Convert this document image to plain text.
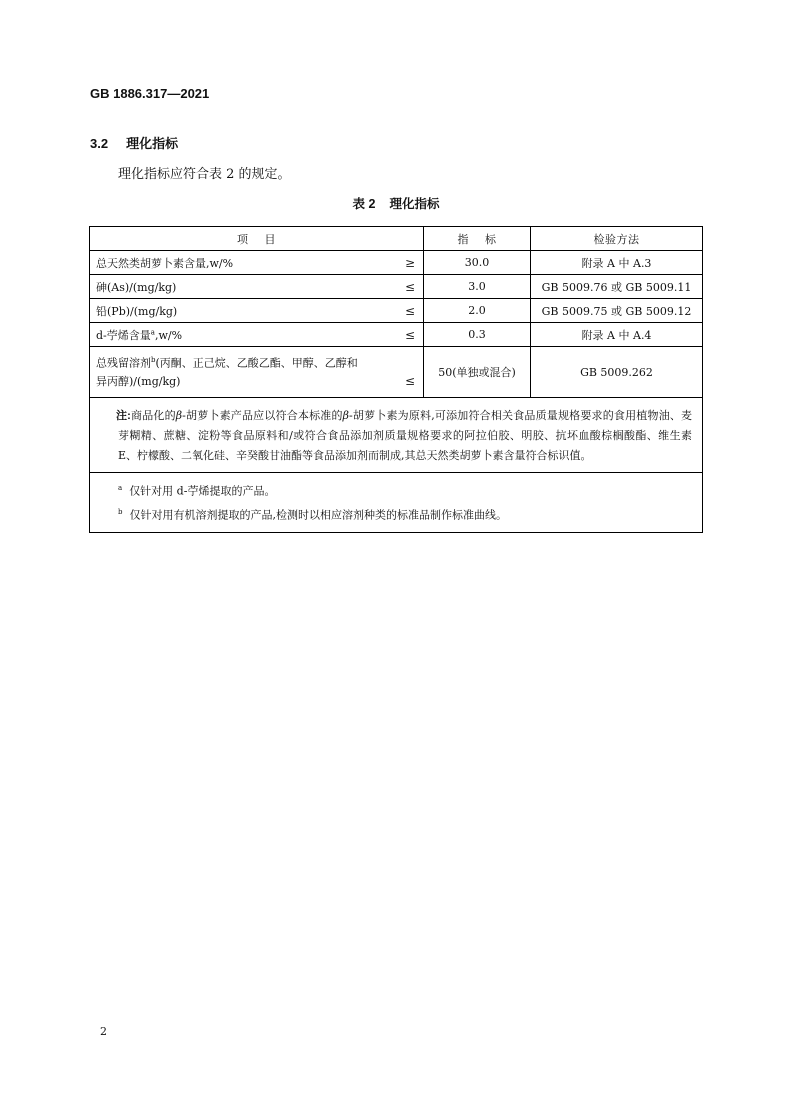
GB 1886.317—2021
3.2 理化指标
理化指标应符合表 2 的规定。
表 2 理化指标
项    目	指    标	检验方法

总天然类胡萝卜素含量,w/% ≥	30.0	附录 A 中 A.3

砷(As)/(mg/kg) ≤	3.0	GB 5009.76 或 GB 5009.11

铅(Pb)/(mg/kg) ≤	2.0	GB 5009.75 或 GB 5009.12

d-苧烯含量$^a$,w/% ≤	0.3	附录 A 中 A.4

总残留溶剂$^b$(丙酮、正己烷、乙酸乙酯、甲醇、乙醇和
异丙醇)/(mg/kg) ≤	50(单独或混合)	GB 5009.262
注:商品化的β-胡萝卜素产品应以符合本标准的β-胡萝卜素为原料,可添加符合相关食品质量规格要求的食用植物油、麦芽糊精、蔗糖、淀粉等食品原料和/或符合食品添加剂质量规格要求的阿拉伯胶、明胶、抗坏血酸棕榈酸酯、维生素 E、柠檬酸、二氧化硅、辛癸酸甘油酯等食品添加剂而制成,其总天然类胡萝卜素含量符合标识值。		

$^a$ 仅针对用 d-苧烯提取的产品。
$^b$ 仅针对用有机溶剂提取的产品,检测时以相应溶剂种类的标准品制作标准曲线。		
2
